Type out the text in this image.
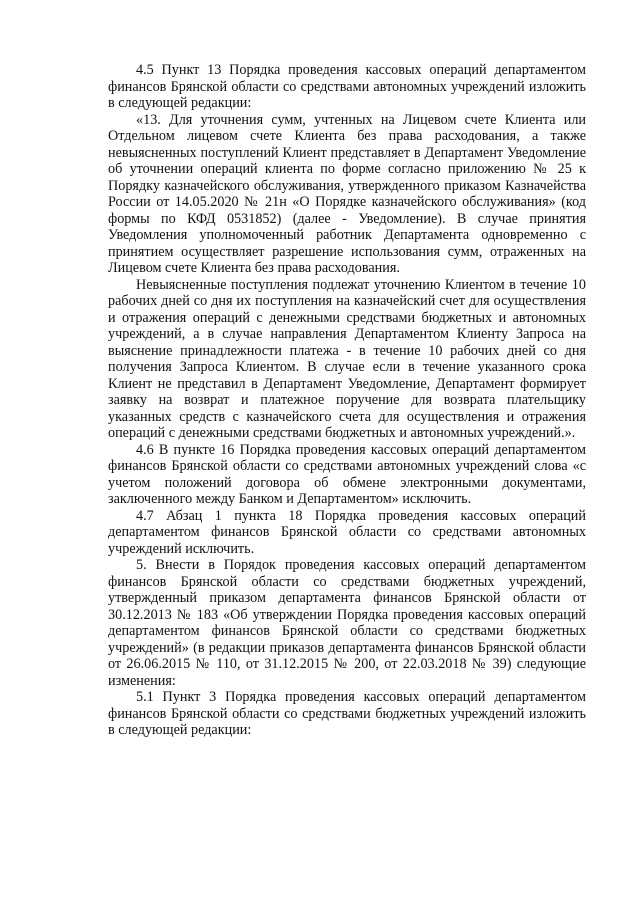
4.5 Пункт 13 Порядка проведения кассовых операций департаментом финансов Брянской области со средствами автономных учреждений изложить в следующей редакции:

«13. Для уточнения сумм, учтенных на Лицевом счете Клиента или Отдельном лицевом счете Клиента без права расходования, а также невыясненных поступлений Клиент представляет в Департамент Уведомление об уточнении операций клиента по форме согласно приложению № 25 к Порядку казначейского обслуживания, утвержденного приказом Казначейства России от 14.05.2020 № 21н «О Порядке казначейского обслуживания» (код формы по КФД 0531852) (далее - Уведомление). В случае принятия Уведомления уполномоченный работник Департамента одновременно с принятием осуществляет разрешение использования сумм, отраженных на Лицевом счете Клиента без права расходования.

Невыясненные поступления подлежат уточнению Клиентом в течение 10 рабочих дней со дня их поступления на казначейский счет для осуществления и отражения операций с денежными средствами бюджетных и автономных учреждений, а в случае направления Департаментом Клиенту Запроса на выяснение принадлежности платежа - в течение 10 рабочих дней со дня получения Запроса Клиентом. В случае если в течение указанного срока Клиент не представил в Департамент Уведомление, Департамент формирует заявку на возврат и платежное поручение для возврата плательщику указанных средств с казначейского счета для осуществления и отражения операций с денежными средствами бюджетных и автономных учреждений.».

4.6 В пункте 16 Порядка проведения кассовых операций департаментом финансов Брянской области со средствами автономных учреждений слова «с учетом положений договора об обмене электронными документами, заключенного между Банком и Департаментом» исключить.

4.7 Абзац 1 пункта 18 Порядка проведения кассовых операций департаментом финансов Брянской области со средствами автономных учреждений исключить.

5. Внести в Порядок проведения кассовых операций департаментом финансов Брянской области со средствами бюджетных учреждений, утвержденный приказом департамента финансов Брянской области от 30.12.2013 № 183 «Об утверждении Порядка проведения кассовых операций департаментом финансов Брянской области со средствами бюджетных учреждений» (в редакции приказов департамента финансов Брянской области от 26.06.2015 № 110, от 31.12.2015 № 200, от 22.03.2018 № 39) следующие изменения:

5.1 Пункт 3 Порядка проведения кассовых операций департаментом финансов Брянской области со средствами бюджетных учреждений изложить в следующей редакции:
